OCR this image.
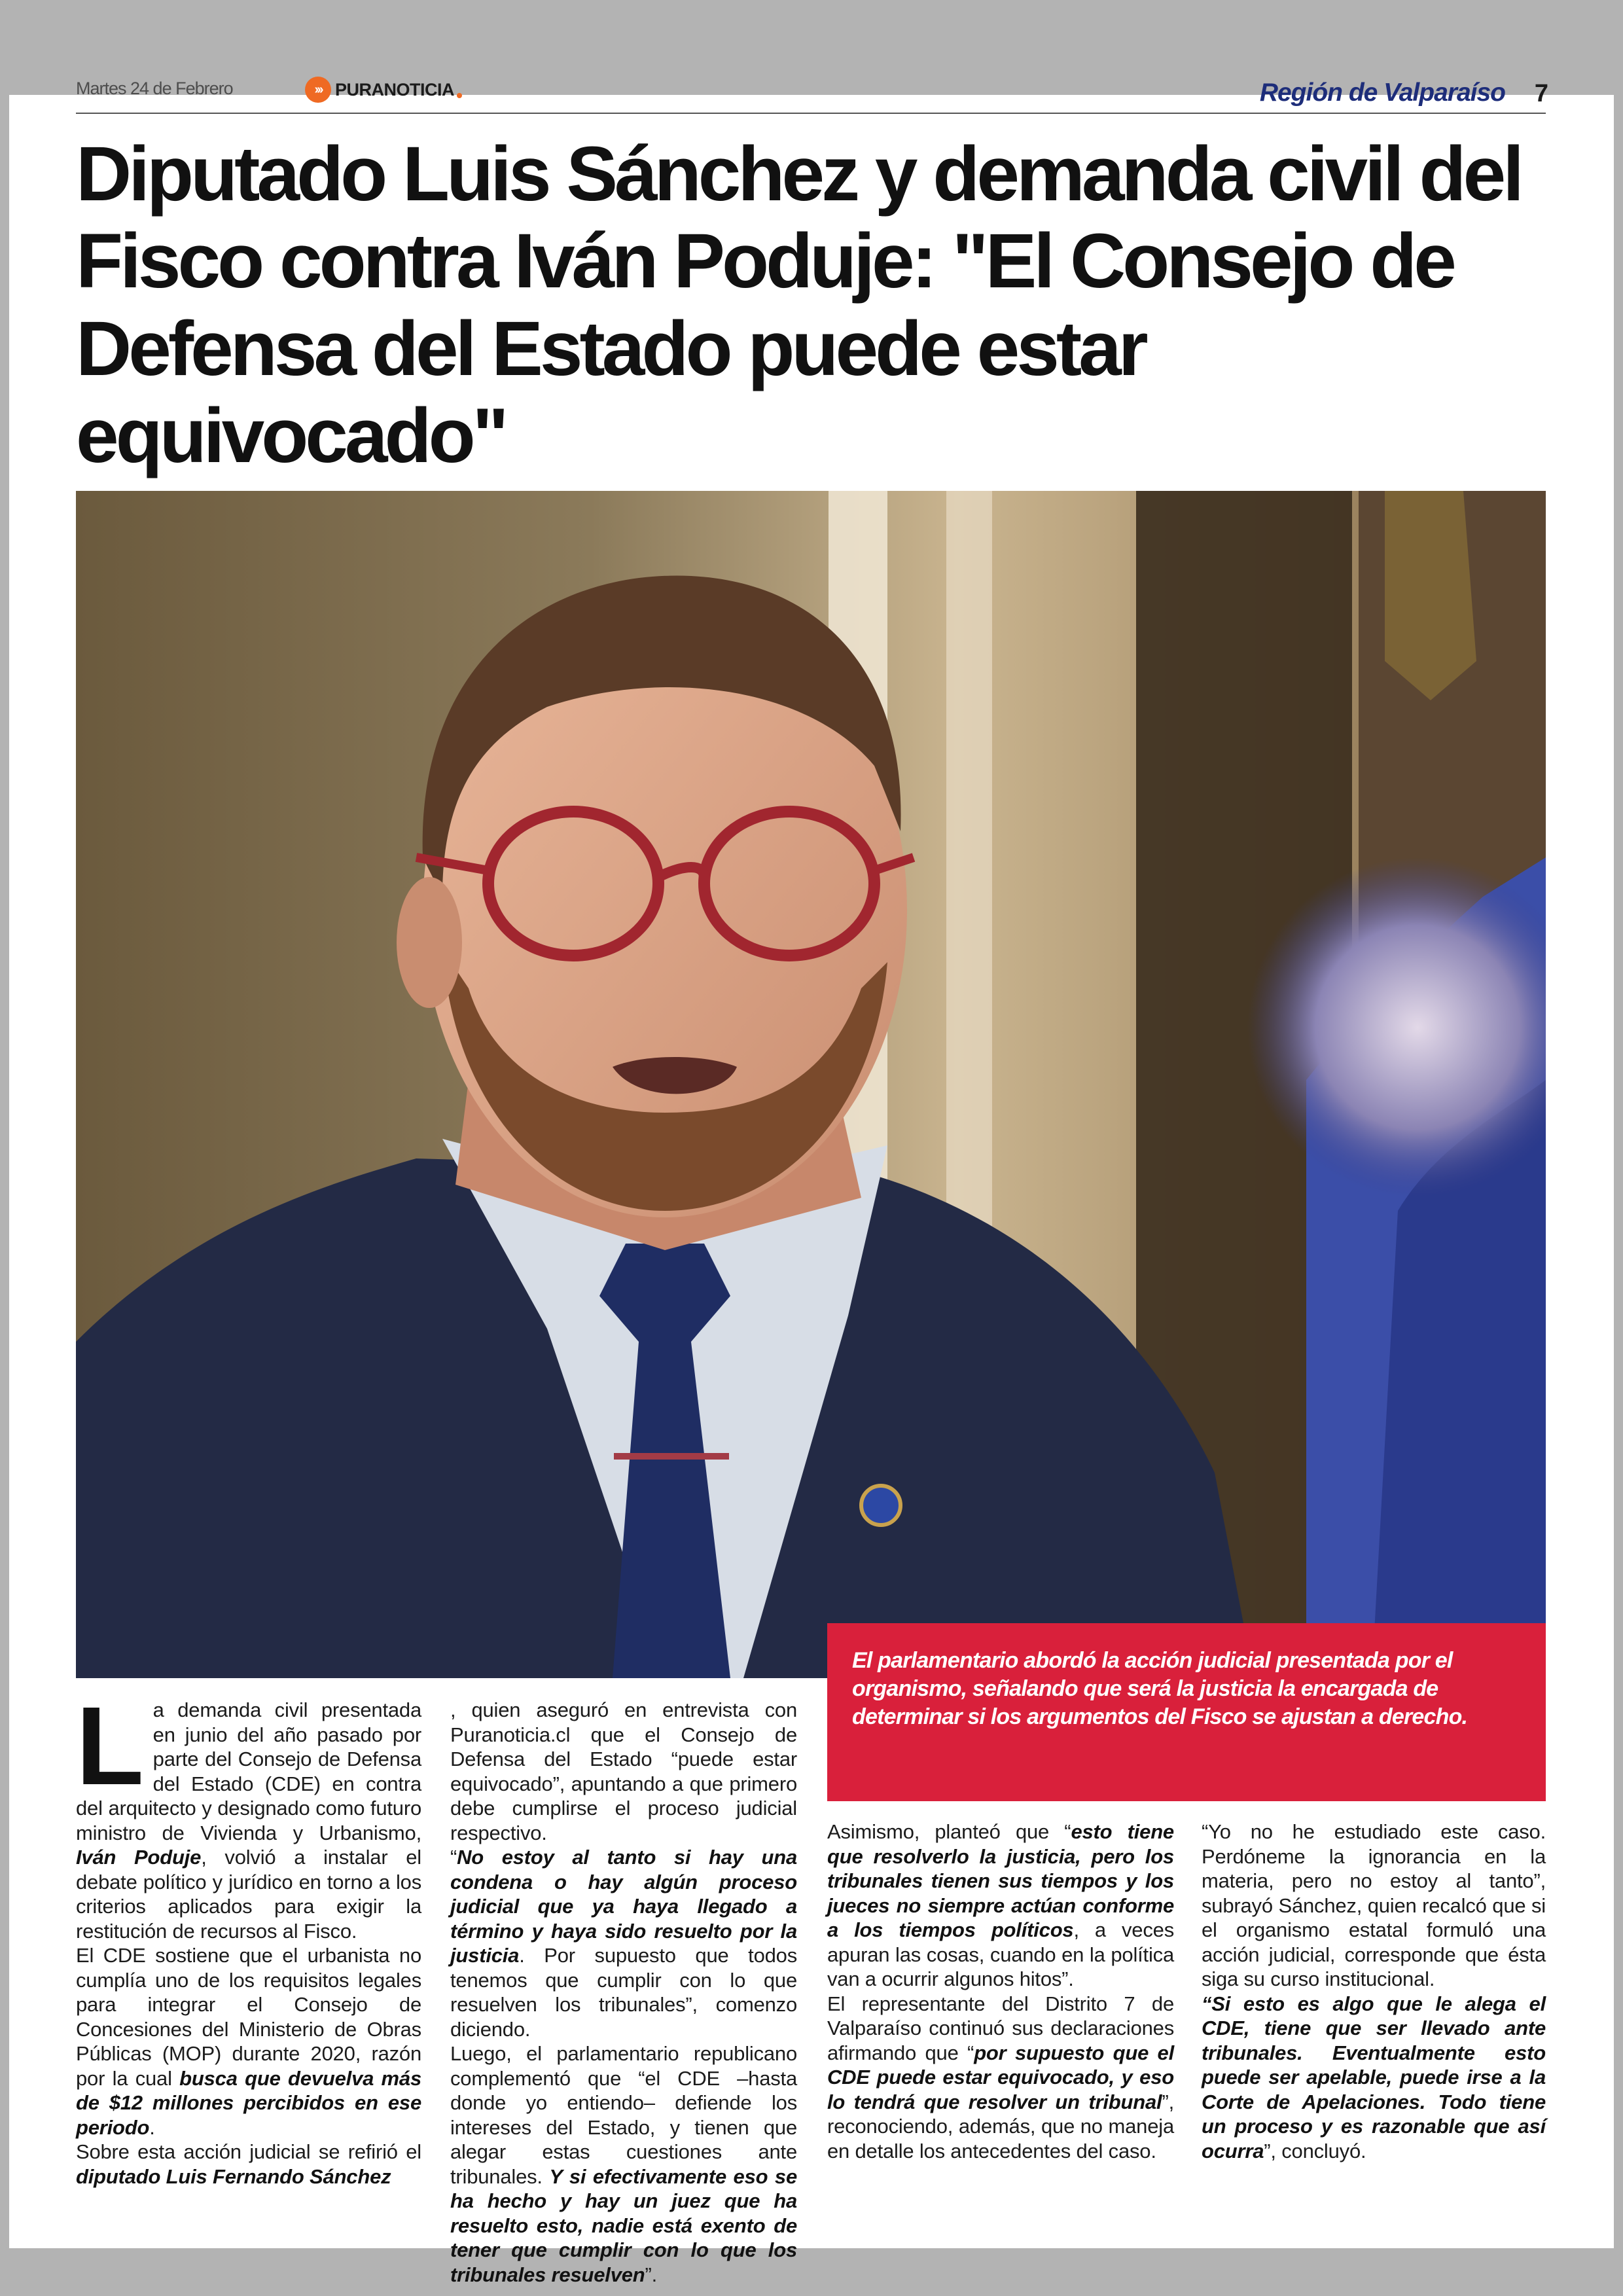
Martes 24 de Febrero	››› PURANOTICIA	Región de Valparaíso 7
Diputado Luis Sánchez y demanda civil del Fisco contra Iván Poduje: "El Consejo de Defensa del Estado puede estar equivocado"
El parlamentario abordó la acción judicial presentada por el organismo, señalando que será la justicia la encargada de determinar si los argumentos del Fisco se ajustan a derecho.

La demanda civil presentada en junio del año pasado por parte del Consejo de Defensa del Estado (CDE) en contra del arquitecto y designado como futuro ministro de Vivienda y Urbanismo, Iván Poduje, volvió a instalar el debate político y jurídico en torno a los criterios aplicados para exigir la restitución de recursos al Fisco.

El CDE sostiene que el urbanista no cumplía uno de los requisitos legales para integrar el Consejo de Concesiones del Ministerio de Obras Públicas (MOP) durante 2020, razón por la cual busca que devuelva más de $12 millones percibidos en ese periodo.

Sobre esta acción judicial se refirió el diputado Luis Fernando Sánchez

, quien aseguró en entrevista con Puranoticia.cl que el Consejo de Defensa del Estado “puede estar equivocado”, apuntando a que primero debe cumplirse el proceso judicial respectivo.

“No estoy al tanto si hay una condena o hay algún proceso judicial que ya haya llegado a término y haya sido resuelto por la justicia. Por supuesto que todos tenemos que cumplir con lo que resuelven los tribunales”, comenzo diciendo.

Luego, el parlamentario republicano complementó que “el CDE –hasta donde yo entiendo– defiende los intereses del Estado, y tienen que alegar estas cuestiones ante tribunales. Y si efectivamente eso se ha hecho y hay un juez que ha resuelto esto, nadie está exento de tener que cumplir con lo que los tribunales resuelven”.

Asimismo, planteó que “esto tiene que resolverlo la justicia, pero los tribunales tienen sus tiempos y los jueces no siempre actúan conforme a los tiempos políticos, a veces apuran las cosas, cuando en la política van a ocurrir algunos hitos”.

El representante del Distrito 7 de Valparaíso continuó sus declaraciones afirmando que “por supuesto que el CDE puede estar equivocado, y eso lo tendrá que resolver un tribunal”, reconociendo, además, que no maneja en detalle los antecedentes del caso.

“Yo no he estudiado este caso. Perdóneme la ignorancia en la materia, pero no estoy al tanto”, subrayó Sánchez, quien recalcó que si el organismo estatal formuló una acción judicial, corresponde que ésta siga su curso institucional.

“Si esto es algo que le alega el CDE, tiene que ser llevado ante tribunales. Eventualmente esto puede ser apelable, puede irse a la Corte de Apelaciones. Todo tiene un proceso y es razonable que así ocurra”, concluyó.
